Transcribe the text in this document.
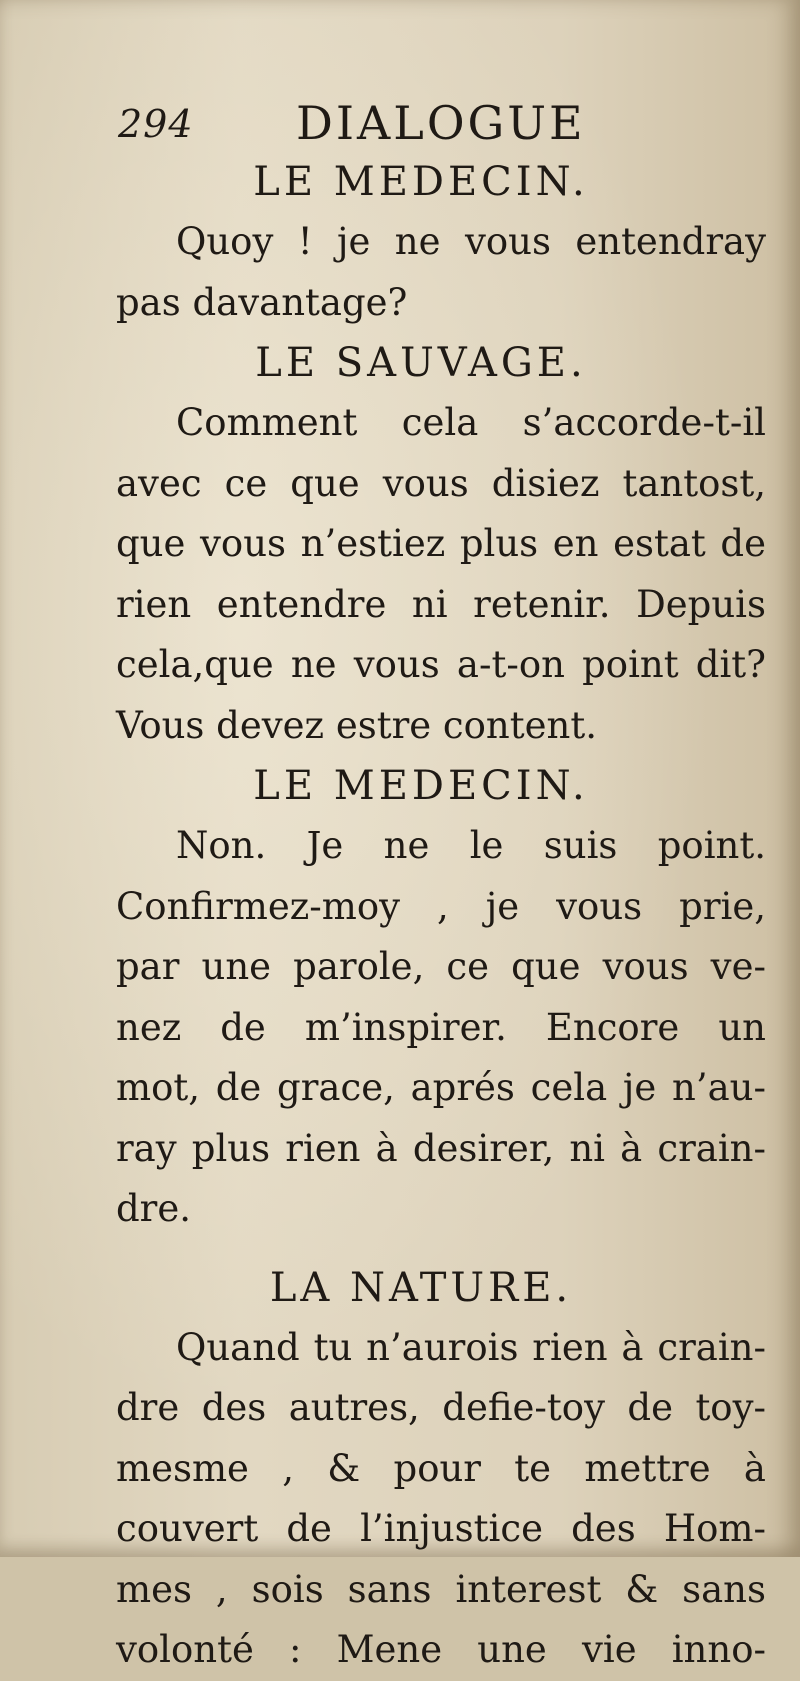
294 DIALOGUE
LE MEDECIN.
Quoy ! je ne vous entendray
pas davantage?
LE SAUVAGE.
Comment cela s’accorde-t-il
avec ce que vous disiez tantost,
que vous n’estiez plus en estat de
rien entendre ni retenir. Depuis
cela,que ne vous a-t-on point dit?
Vous devez estre content.
LE MEDECIN.
Non. Je ne le suis point.
Confirmez-moy , je vous prie,
par une parole, ce que vous ve-
nez de m’inspirer. Encore un
mot, de grace, aprés cela je n’au-
ray plus rien à desirer, ni à crain-
dre.
LA NATURE.
Quand tu n’aurois rien à crain-
dre des autres, defie-toy de toy-
mesme , & pour te mettre à
couvert de l’injustice des Hom-
mes , sois sans interest & sans
volonté : Mene une vie inno-
